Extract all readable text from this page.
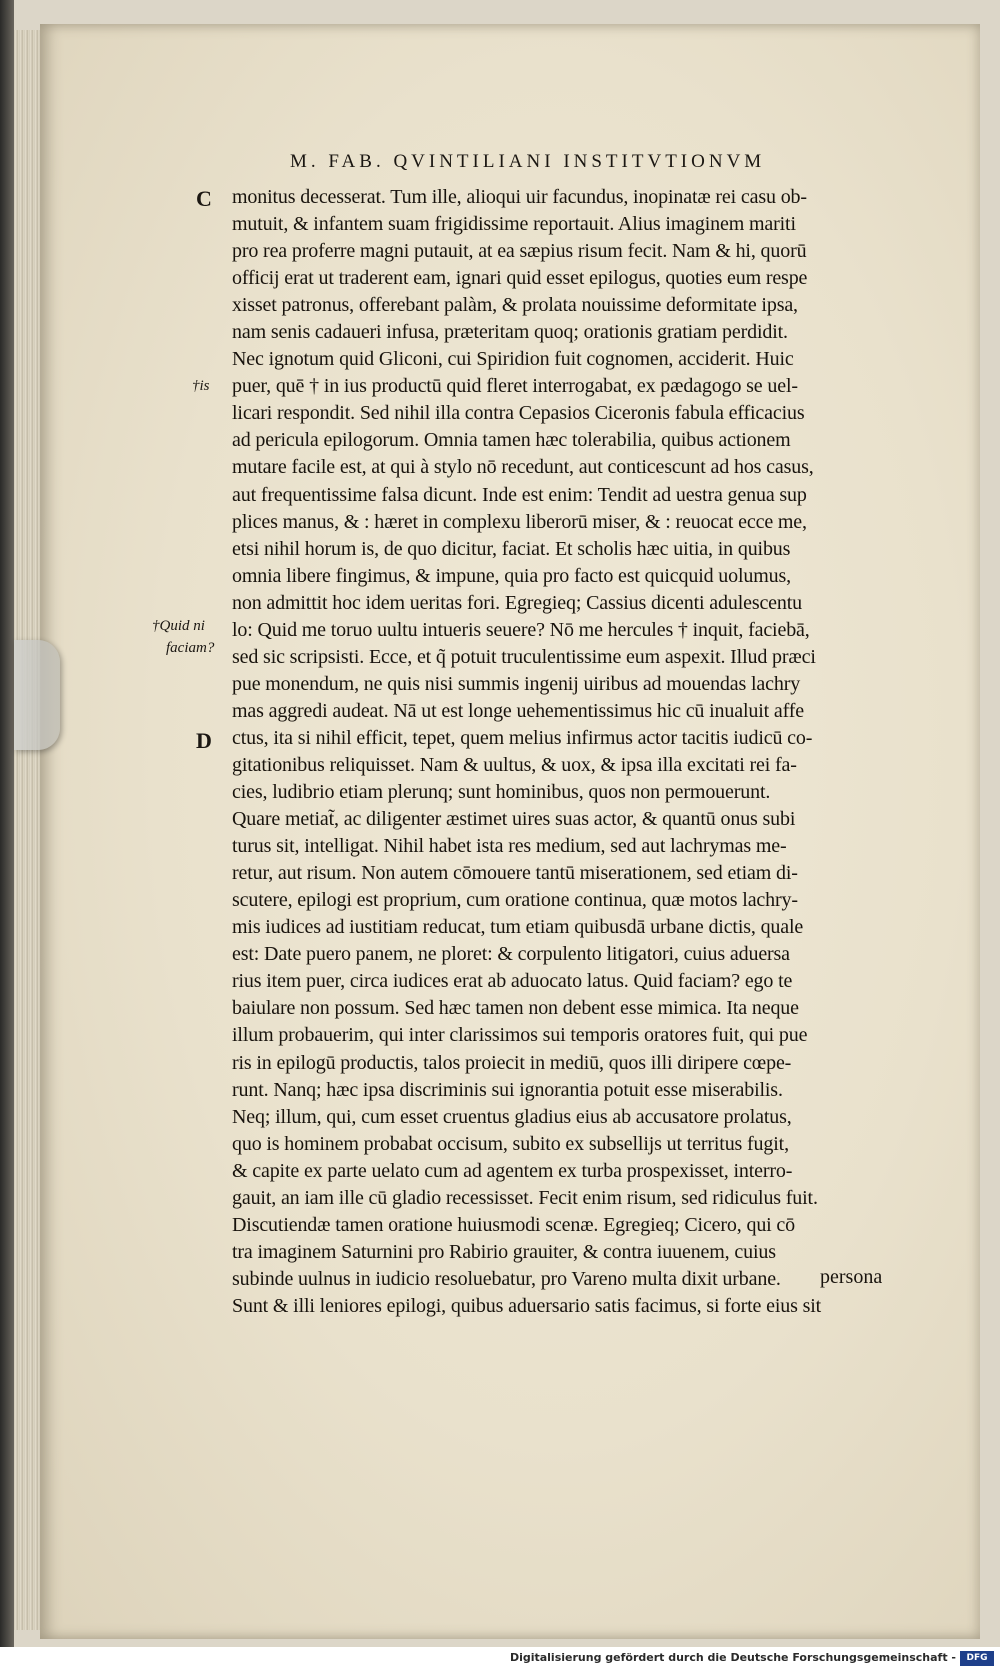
M. FAB. QVINTILIANI INSTITVTIONVM
C
D
†is
†Quid ni
faciam?
monitus decesserat. Tum ille, alioqui uir facundus, inopinatæ rei casu ob-
mutuit, & infantem suam frigidissime reportauit. Alius imaginem mariti
pro rea proferre magni putauit, at ea sæpius risum fecit. Nam & hi, quorū
officij erat ut traderent eam, ignari quid esset epilogus, quoties eum respe
xisset patronus, offerebant palàm, & prolata nouissime deformitate ipsa,
nam senis cadaueri infusa, præteritam quoq; orationis gratiam perdidit.
Nec ignotum quid Gliconi, cui Spiridion fuit cognomen, acciderit. Huic
puer, quē † in ius productū quid fleret interrogabat, ex pædagogo se uel-
licari respondit. Sed nihil illa contra Cepasios Ciceronis fabula efficacius
ad pericula epilogorum. Omnia tamen hæc tolerabilia, quibus actionem
mutare facile est, at qui à stylo nō recedunt, aut conticescunt ad hos casus,
aut frequentissime falsa dicunt. Inde est enim: Tendit ad uestra genua sup
plices manus, & : hæret in complexu liberorū miser, & : reuocat ecce me,
etsi nihil horum is, de quo dicitur, faciat. Et scholis hæc uitia, in quibus
omnia libere fingimus, & impune, quia pro facto est quicquid uolumus,
non admittit hoc idem ueritas fori. Egregieq; Cassius dicenti adulescentu
lo: Quid me toruo uultu intueris seuere? Nō me hercules † inquit, faciebā,
sed sic scripsisti. Ecce, et q̃ potuit truculentissime eum aspexit. Illud præci
pue monendum, ne quis nisi summis ingenij uiribus ad mouendas lachry
mas aggredi audeat. Nā ut est longe uehementissimus hic cū inualuit affe
ctus, ita si nihil efficit, tepet, quem melius infirmus actor tacitis iudicū co-
gitationibus reliquisset. Nam & uultus, & uox, & ipsa illa excitati rei fa-
cies, ludibrio etiam plerunq; sunt hominibus, quos non permouerunt.
Quare metiat̃, ac diligenter æstimet uires suas actor, & quantū onus subi
turus sit, intelligat. Nihil habet ista res medium, sed aut lachrymas me-
retur, aut risum. Non autem cōmouere tantū miserationem, sed etiam di-
scutere, epilogi est proprium, cum oratione continua, quæ motos lachry-
mis iudices ad iustitiam reducat, tum etiam quibusdā urbane dictis, quale
est: Date puero panem, ne ploret: & corpulento litigatori, cuius aduersa
rius item puer, circa iudices erat ab aduocato latus. Quid faciam? ego te
baiulare non possum. Sed hæc tamen non debent esse mimica. Ita neque
illum probauerim, qui inter clarissimos sui temporis oratores fuit, qui pue
ris in epilogū productis, talos proiecit in mediū, quos illi diripere cœpe-
runt. Nanq; hæc ipsa discriminis sui ignorantia potuit esse miserabilis.
Neq; illum, qui, cum esset cruentus gladius eius ab accusatore prolatus,
quo is hominem probabat occisum, subito ex subsellijs ut territus fugit,
& capite ex parte uelato cum ad agentem ex turba prospexisset, interro-
gauit, an iam ille cū gladio recessisset. Fecit enim risum, sed ridiculus fuit.
Discutiendæ tamen oratione huiusmodi scenæ. Egregieq; Cicero, qui cō
tra imaginem Saturnini pro Rabirio grauiter, & contra iuuenem, cuius
subinde uulnus in iudicio resoluebatur, pro Vareno multa dixit urbane.
Sunt & illi leniores epilogi, quibus aduersario satis facimus, si forte eius sit
persona
Digitalisierung gefördert durch die Deutsche Forschungsgemeinschaft -	DFG
